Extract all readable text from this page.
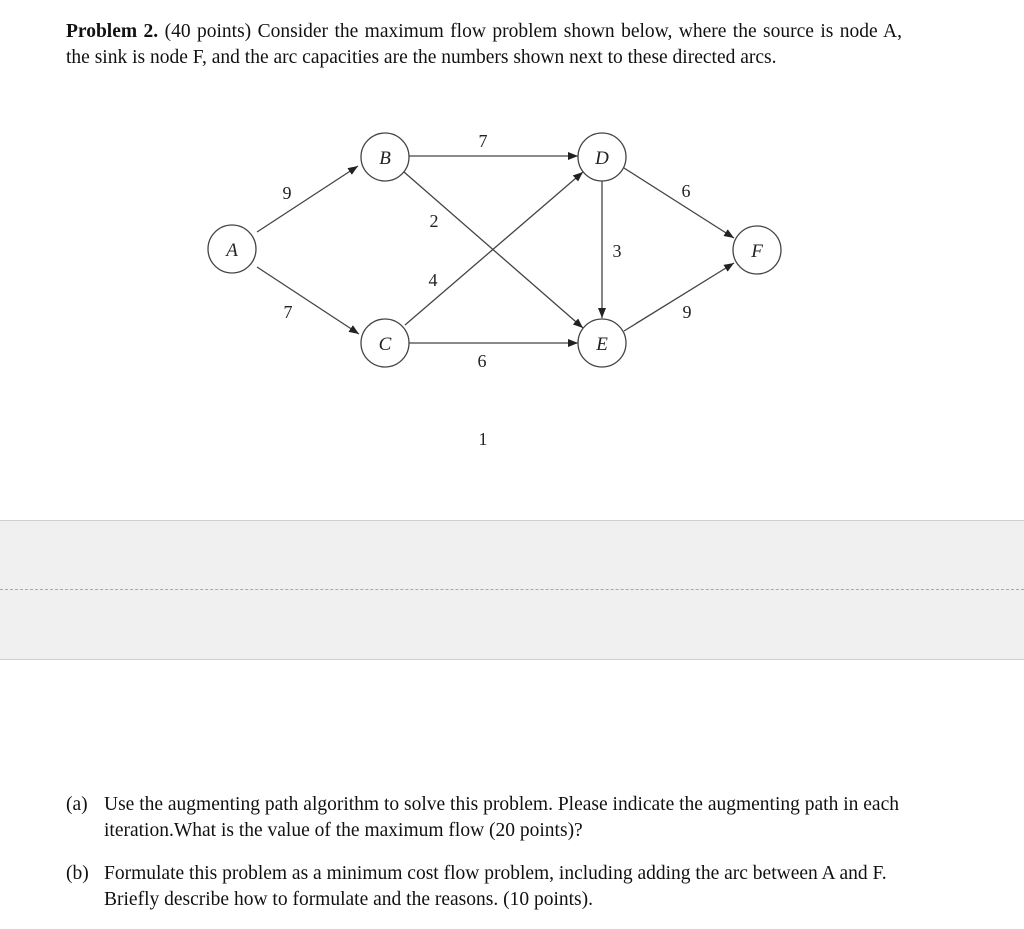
Problem 2. (40 points) Consider the maximum flow problem shown below, where the source is node A, the sink is node F, and the arc capacities are the numbers shown next to these directed arcs.

9
7
7
2
4
6
3
6
9
A
B
C
D
E
F
1

(a) Use the augmenting path algorithm to solve this problem. Please indicate the augmenting path in each iteration.What is the value of the maximum flow (20 points)?

(b) Formulate this problem as a minimum cost flow problem, including adding the arc between A and F. Briefly describe how to formulate and the reasons. (10 points).
